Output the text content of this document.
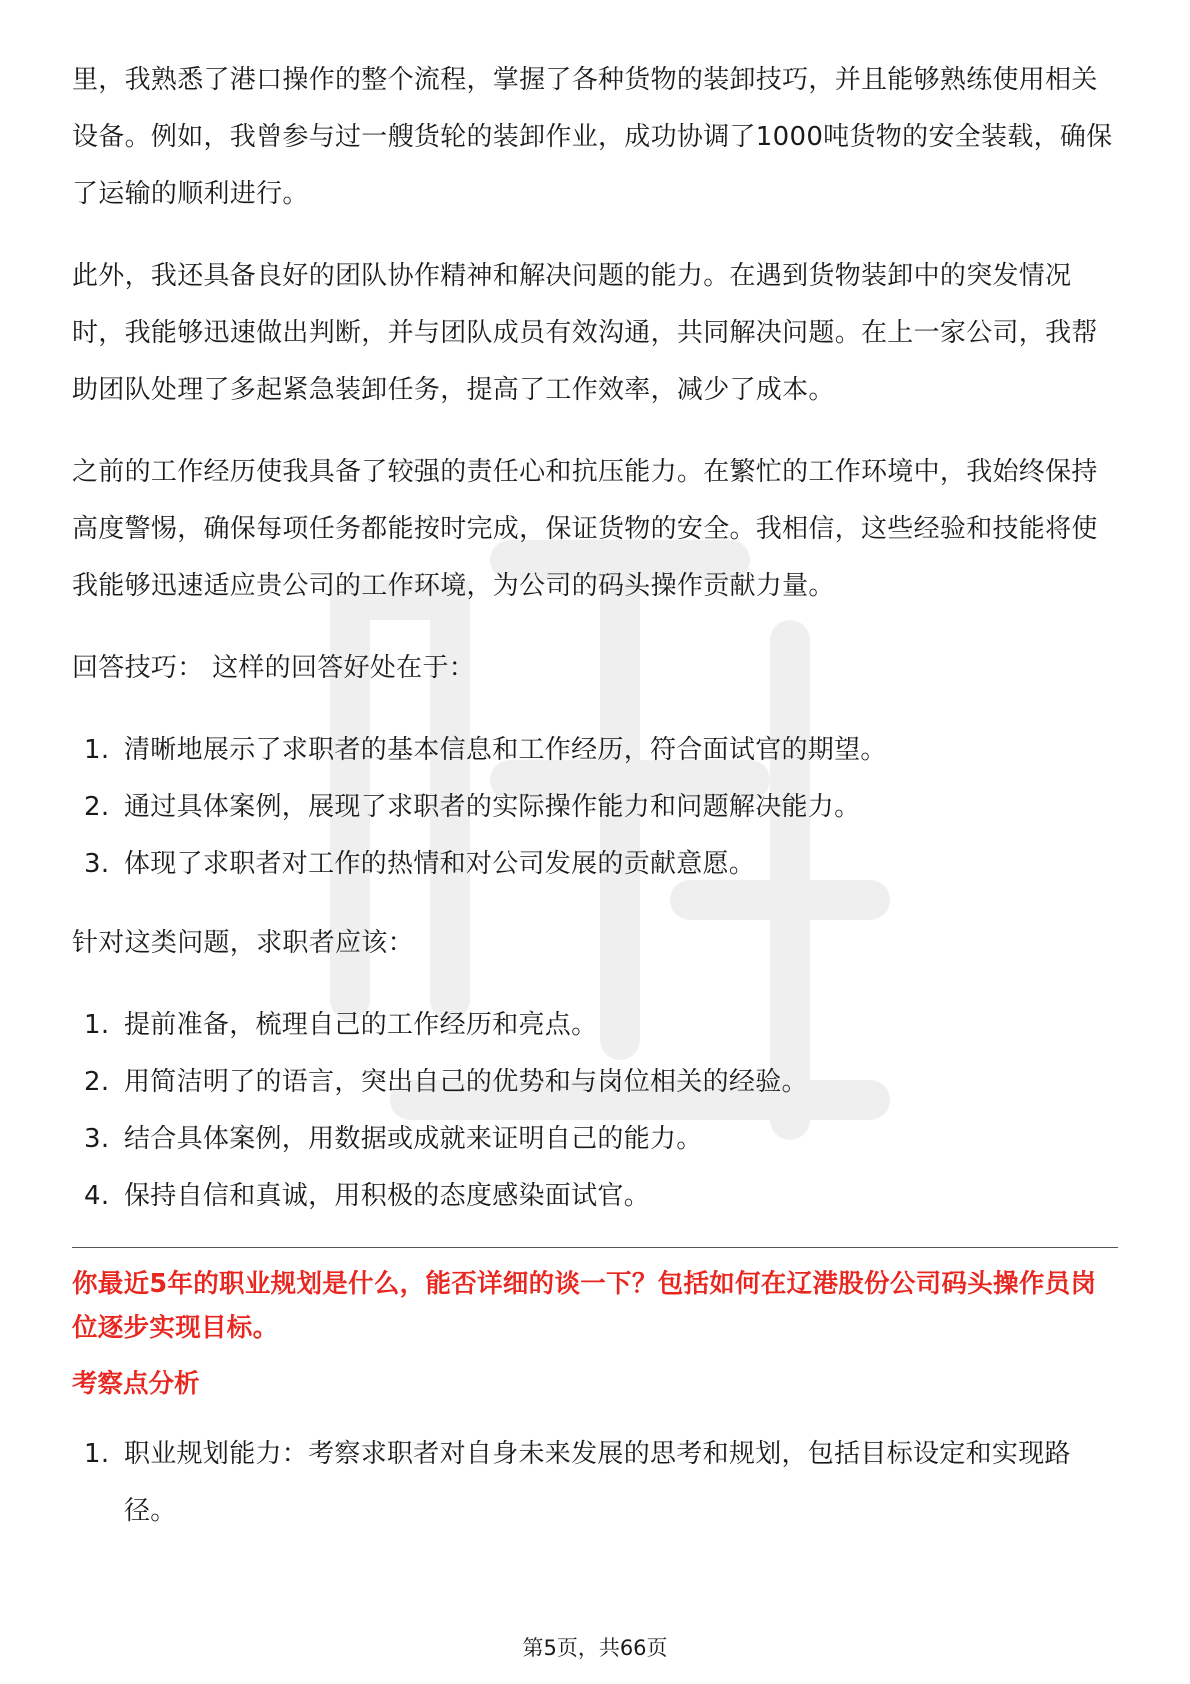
里，我熟悉了港口操作的整个流程，掌握了各种货物的装卸技巧，并且能够熟练使用相关设备。例如，我曾参与过一艘货轮的装卸作业，成功协调了1000吨货物的安全装载，确保了运输的顺利进行。

此外，我还具备良好的团队协作精神和解决问题的能力。在遇到货物装卸中的突发情况时，我能够迅速做出判断，并与团队成员有效沟通，共同解决问题。在上一家公司，我帮助团队处理了多起紧急装卸任务，提高了工作效率，减少了成本。

之前的工作经历使我具备了较强的责任心和抗压能力。在繁忙的工作环境中，我始终保持高度警惕，确保每项任务都能按时完成，保证货物的安全。我相信，这些经验和技能将使我能够迅速适应贵公司的工作环境，为公司的码头操作贡献力量。

回答技巧： 这样的回答好处在于：

1. 清晰地展示了求职者的基本信息和工作经历，符合面试官的期望。
2. 通过具体案例，展现了求职者的实际操作能力和问题解决能力。
3. 体现了求职者对工作的热情和对公司发展的贡献意愿。

针对这类问题，求职者应该：

1. 提前准备，梳理自己的工作经历和亮点。
2. 用简洁明了的语言，突出自己的优势和与岗位相关的经验。
3. 结合具体案例，用数据或成就来证明自己的能力。
4. 保持自信和真诚，用积极的态度感染面试官。

你最近5年的职业规划是什么，能否详细的谈一下？包括如何在辽港股份公司码头操作员岗位逐步实现目标。

考察点分析

1. 职业规划能力：考察求职者对自身未来发展的思考和规划，包括目标设定和实现路径。
第5页，共66页
